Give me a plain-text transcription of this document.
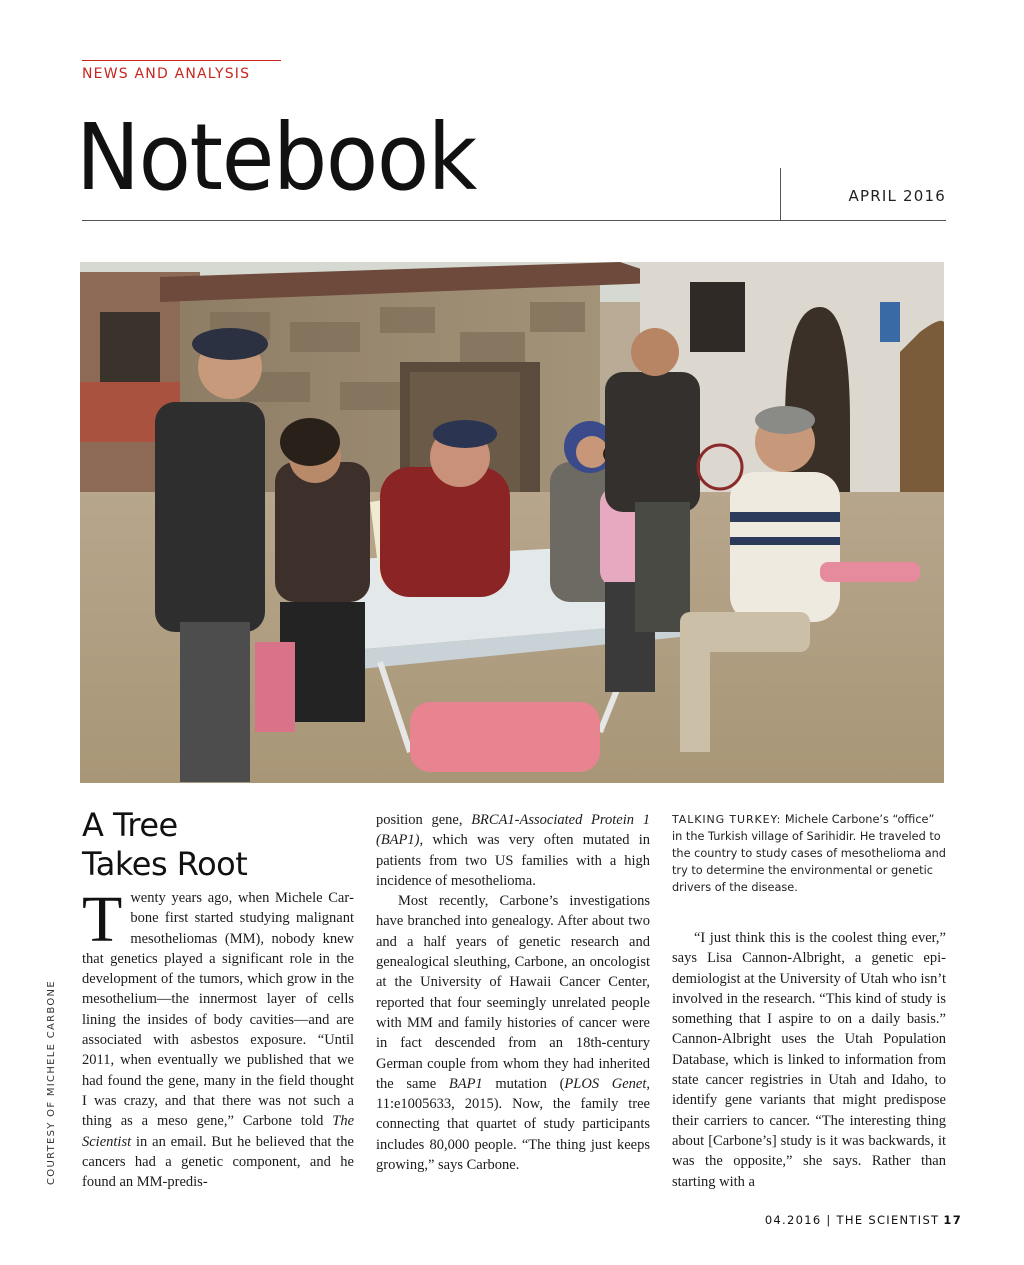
NEWS AND ANALYSIS
Notebook	APRIL 2016
COURTESY OF MICHELE CARBONE
A Tree
Takes Root

Twenty years ago, when Michele Carbone first started studying malignant mesotheliomas (MM), nobody knew that genetics played a significant role in the development of the tumors, which grow in the mesothelium—the innermost layer of cells lining the insides of body cavities—and are associated with asbestos exposure. “Until 2011, when eventually we published that we had found the gene, many in the field thought I was crazy, and that there was not such a thing as a meso gene,” Carbone told The Scientist in an email. But he believed that the cancers had a genetic component, and he found an MM-predis-

position gene, BRCA1-Associated Protein 1 (BAP1), which was very often mutated in patients from two US families with a high incidence of mesothelioma.

Most recently, Carbone’s investigations have branched into genealogy. After about two and a half years of genetic research and genealogical sleuthing, Carbone, an oncologist at the University of Hawaii Cancer Center, reported that four seemingly unrelated people with MM and family histories of cancer were in fact descended from an 18th-century German couple from whom they had inherited the same BAP1 mutation (PLOS Genet, 11:e1005633, 2015). Now, the family tree connecting that quartet of study participants includes 80,000 people. “The thing just keeps growing,” says Carbone.

TALKING TURKEY: Michele Carbone’s “office” in the Turkish village of Sarihidir. He traveled to the country to study cases of mesothelioma and try to determine the environmental or genetic drivers of the disease.

“I just think this is the coolest thing ever,” says Lisa Cannon-Albright, a genetic epidemiologist at the University of Utah who isn’t involved in the research. “This kind of study is something that I aspire to on a daily basis.” Cannon-Albright uses the Utah Population Database, which is linked to information from state cancer registries in Utah and Idaho, to identify gene variants that might predispose their carriers to cancer. “The interesting thing about [Carbone’s] study is it was backwards, it was the opposite,” she says. Rather than starting with a

04.2016 | THE SCIENTIST 17
